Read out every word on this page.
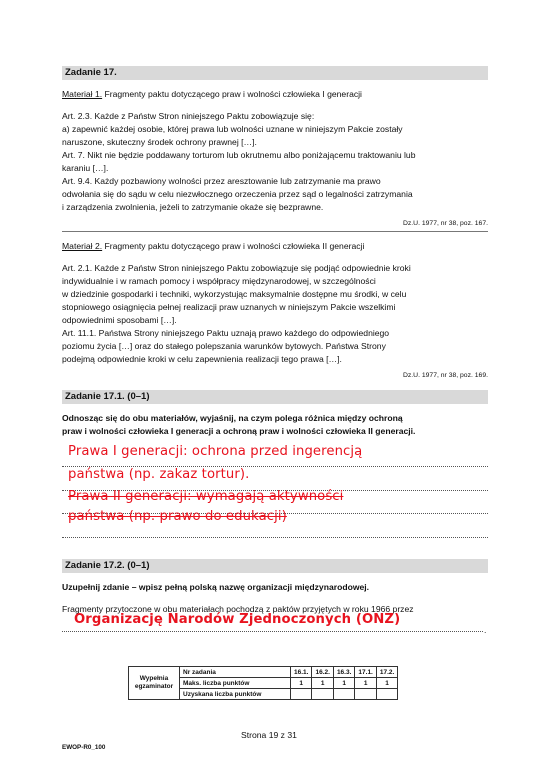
Zadanie 17.
Materiał 1. Fragmenty paktu dotyczącego praw i wolności człowieka I generacji
Art. 2.3. Każde z Państw Stron niniejszego Paktu zobowiązuje się:
a) zapewnić każdej osobie, której prawa lub wolności uznane w niniejszym Pakcie zostały
naruszone, skuteczny środek ochrony prawnej […].
Art. 7. Nikt nie będzie poddawany torturom lub okrutnemu albo poniżającemu traktowaniu lub
karaniu […].
Art. 9.4. Każdy pozbawiony wolności przez aresztowanie lub zatrzymanie ma prawo
odwołania się do sądu w celu niezwłocznego orzeczenia przez sąd o legalności zatrzymania
i zarządzenia zwolnienia, jeżeli to zatrzymanie okaże się bezprawne.
Dz.U. 1977, nr 38, poz. 167.
Materiał 2. Fragmenty paktu dotyczącego praw i wolności człowieka II generacji
Art. 2.1. Każde z Państw Stron niniejszego Paktu zobowiązuje się podjąć odpowiednie kroki
indywidualnie i w ramach pomocy i współpracy międzynarodowej, w szczególności
w dziedzinie gospodarki i techniki, wykorzystując maksymalnie dostępne mu środki, w celu
stopniowego osiągnięcia pełnej realizacji praw uznanych w niniejszym Pakcie wszelkimi
odpowiednimi sposobami […].
Art. 11.1. Państwa Strony niniejszego Paktu uznają prawo każdego do odpowiedniego
poziomu życia […] oraz do stałego polepszania warunków bytowych. Państwa Strony
podejmą odpowiednie kroki w celu zapewnienia realizacji tego prawa […].
Dz.U. 1977, nr 38, poz. 169.
Zadanie 17.1. (0–1)
Odnosząc się do obu materiałów, wyjaśnij, na czym polega różnica między ochroną
praw i wolności człowieka I generacji a ochroną praw i wolności człowieka II generacji.
Prawa I generacji: ochrona przed ingerencją
państwa (np. zakaz tortur).
Prawa II generacji: wymagają aktywności
państwa (np. prawo do edukacji)
Zadanie 17.2. (0–1)
Uzupełnij zdanie – wpisz pełną polską nazwę organizacji międzynarodowej.
Fragmenty przytoczone w obu materiałach pochodzą z paktów przyjętych w roku 1966 przez
.
Organizację Narodów Zjednoczonych (ONZ)
Wypełnia egzaminator	Nr zadania	16.1.	16.2.	16.3.	17.1.	17.2.
	Maks. liczba punktów	1	1	1	1	1
	Uzyskana liczba punktów					
Strona 19 z 31
EWOP-R0_100
